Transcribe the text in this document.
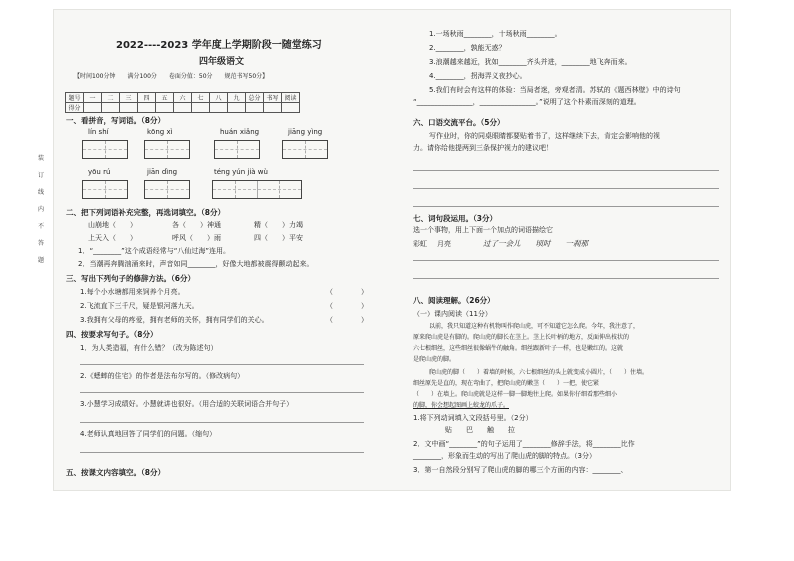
2022----2023 学年度上学期阶段一随堂练习
四年级语文
【时间100分钟　　满分100分　　卷面分值：50分　　规范书写50分】
题号	一	二	三	四	五	六	七	八	九	总分	书写	阅读
得分												
一、看拼音，写词语。（8分）
lín shí	kōng xì	huán xiǎng	jiāng yìng
yōu rú	jiān dìng	téng yún jià wù
二、把下列词语补充完整，再选词填空。（8分）
山崩地（　　）	各（　　）神通	精（　　）力竭
上天入（　　）	呼风（　　）雨	四（　　）平安
1．“________”这个成语经常与“八仙过海”连用。
2．当潮再奔腾汹涌来时，声音如同________，好像大地都被震得颤动起来。
三、写出下列句子的修辞方法。（6分）
1.每个小水塘都用来饲养个月亮。	（　　　　）
2.飞流直下三千尺，疑是银河落九天。	（　　　　）
3.我拥有父母的疼爱，拥有老师的关怀，拥有同学们的关心。	（　　　　）
四、按要求写句子。（8分）
1．为人类造福，有什么错？（改为陈述句）
2.《蟋蟀的住宅》的作者是法布尔写的。（修改病句）
3.小慧学习成绩好。小慧就讲也很好。（用合适的关联词语合并句子）
4.老师认真地回答了同学们的问题。（缩句）
五、按课文内容填空。（8分）
1.一场秋雨________，十场秋雨________。
2.________，孰能无惑？
3.浪潮越来越近，犹如________齐头并进，________地飞奔而来。
4.________，拐海弄义夜抄心。
5.我们有时会有这样的体验：当局者迷，旁观者清。苏轼的《题西林壁》中的诗句
“________________，________________。”说明了这个朴素而深刻的道理。
六、口语交流平台。（5分）
写作业时，你的同桌眼睛都要贴着书了，这样继续下去，肯定会影响他的视
力。请你给他提两到三条保护视力的建议吧！
七、词句段运用。（3分）
选一个事物，用上下面一个加点的词语描绘它
彩虹 月亮	过了一会儿　　顷时　　一刹那
八、阅读理解。（26分）
（一）课内阅读（11分）
以前，我只知道这种有机物叫作爬山虎，可不知道它怎么爬。今年，我注意了，
原来爬山虎是有脚的。爬山虎的脚长在茎上。茎上长叶柄的地方，反面伸出枝状的
六七根细丝，这些细丝很像蜗牛的触角。细丝跟新叶子一样，也是嫩红的。这就
是爬山虎的脚。
爬山虎的脚（　　）着墙的时候，六七根细丝的头上就变成小圆片，（　　）住墙。
细丝原先是直的，现在弯曲了，把爬山虎的嫩茎（　　）一把，使它紧
（　　）在墙上。爬山虎就是这样一脚一脚地往上爬。如果你仔细看那些细小
的脚，你会想起图画上蛟龙的爪子。
1.将下列动词填入文段括号里。（2分）
贴　　巴　　触　　拉
2．文中画“________”的句子运用了________修辞手法，将________比作
________，形象而生动的写出了爬山虎的脚的特点。（3分）
3．第一自然段分别写了爬山虎的脚的哪三个方面的内容：________、
装
订
线
内
不
答
题
